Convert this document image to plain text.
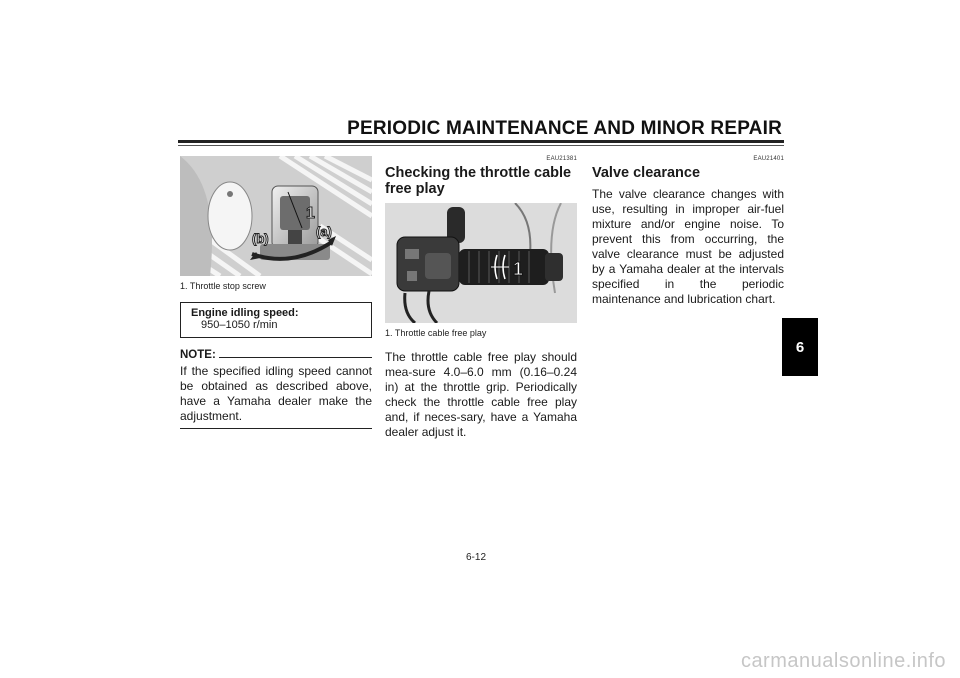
PERIODIC MAINTENANCE AND MINOR REPAIR
6
1
(a)
(b)
1. Throttle stop screw
Engine idling speed:
950–1050 r/min
NOTE:

If the specified idling speed cannot be obtained as described above, have a Yamaha dealer make the adjustment.

EAU21381
Checking the throttle cable free play
1
1. Throttle cable free play

The throttle cable free play should mea-sure 4.0–6.0 mm (0.16–0.24 in) at the throttle grip. Periodically check the throttle cable free play and, if neces-sary, have a Yamaha dealer adjust it.

EAU21401
Valve clearance

The valve clearance changes with use, resulting in improper air-fuel mixture and/or engine noise. To prevent this from occurring, the valve clearance must be adjusted by a Yamaha dealer at the intervals specified in the periodic maintenance and lubrication chart.

6-12
carmanualsonline.info
